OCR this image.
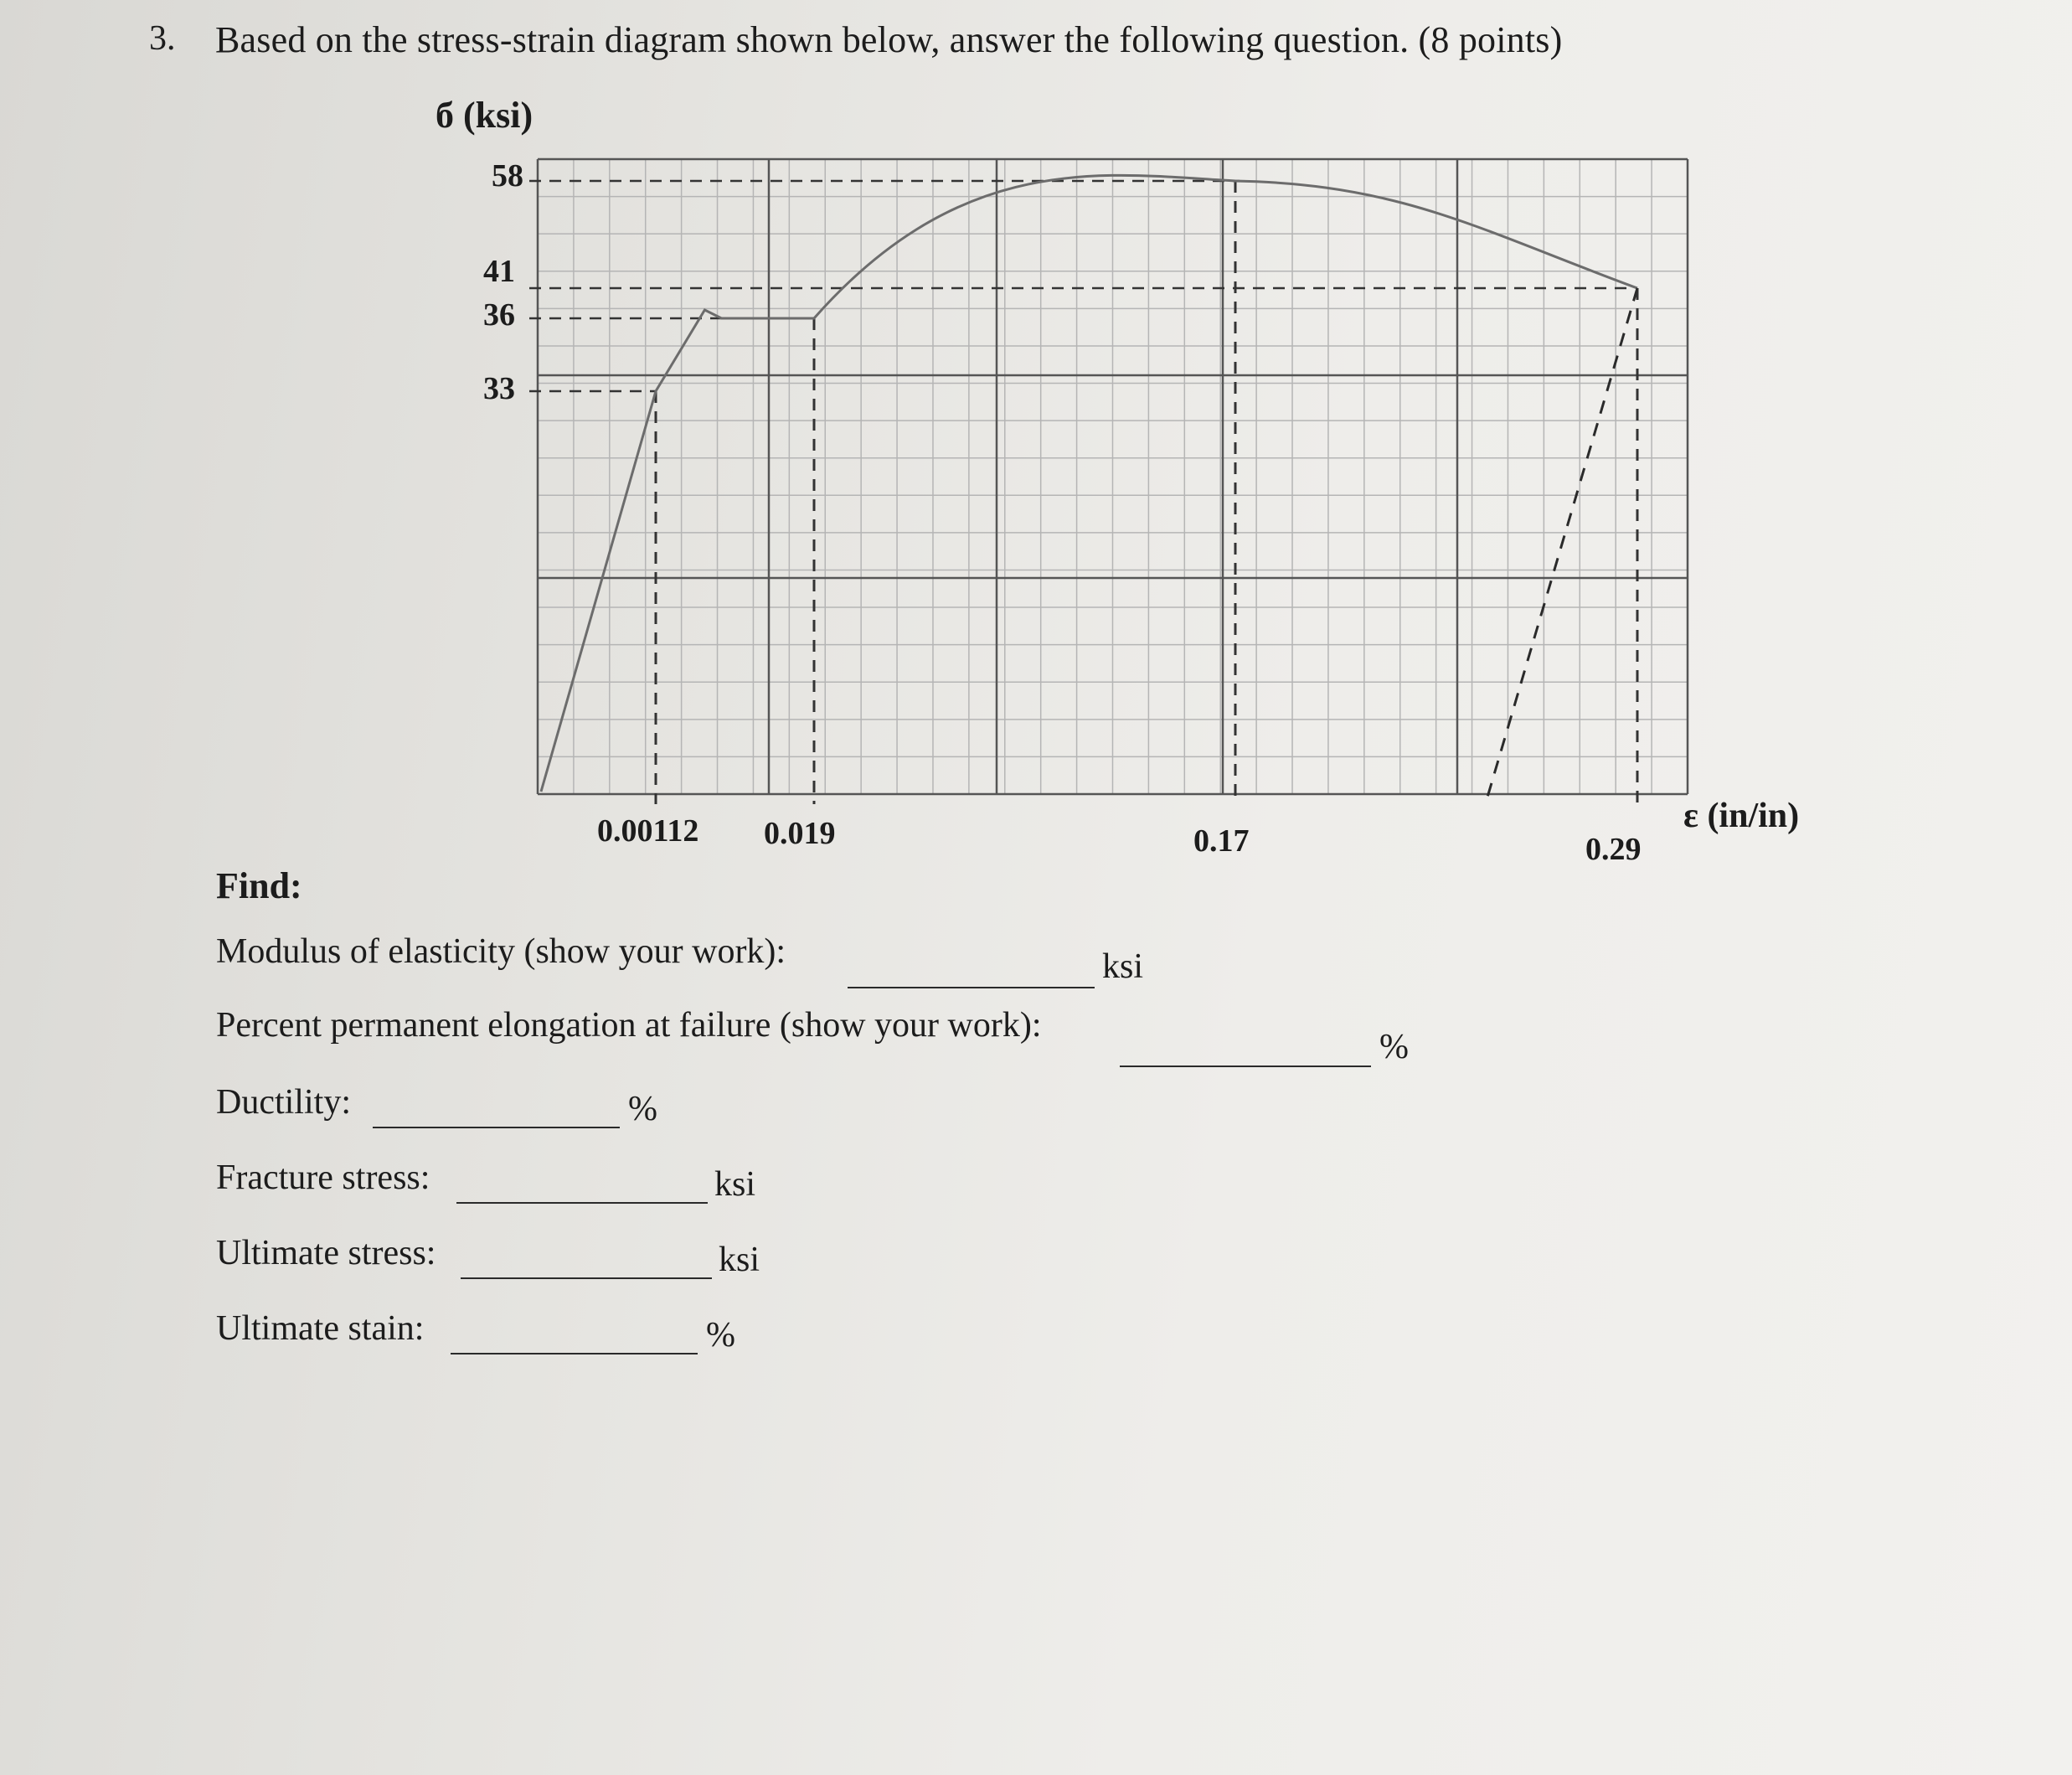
3. Based on the stress-strain diagram shown below, answer the following question. (8 points)
б (ksi)
58
41
36
33
0.00112 0.019	0.17	0.29
ε (in/in)
Find:
Modulus of elasticity (show your work):	ksi
Percent permanent elongation at failure (show your work):
%
Ductility:	%
Fracture stress:	ksi
Ultimate stress:	ksi
Ultimate stain:	%
